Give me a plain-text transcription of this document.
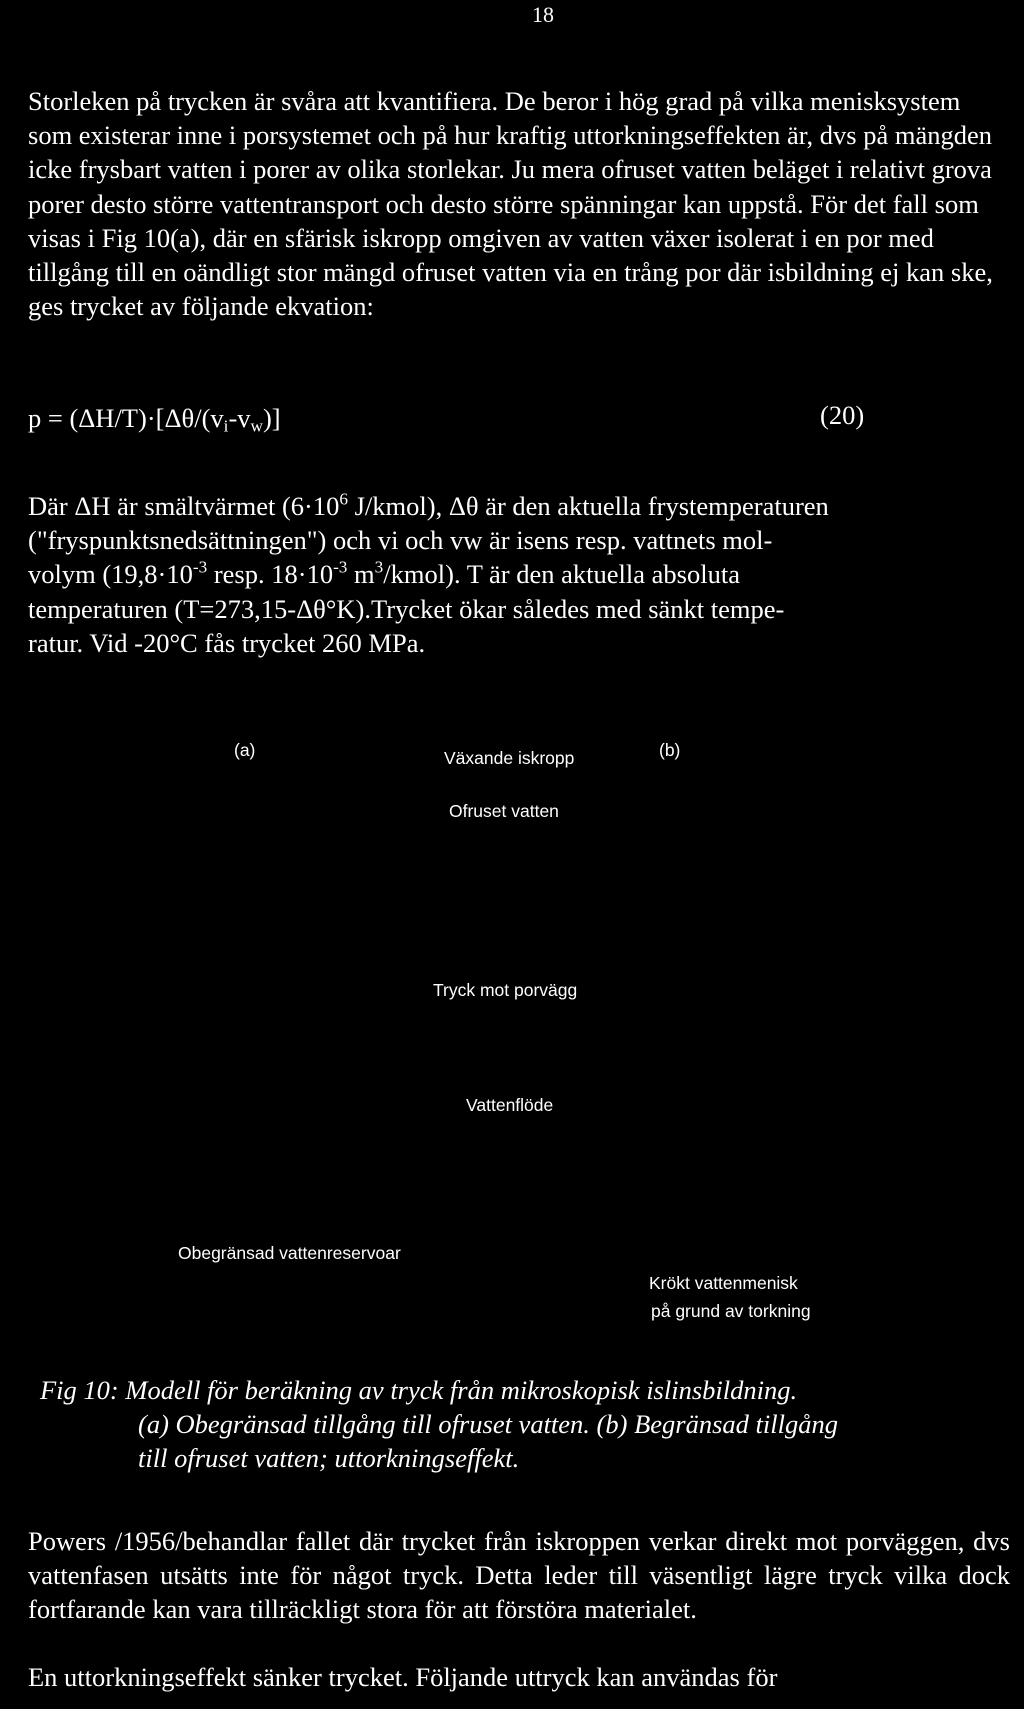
18

Storleken på trycken är svåra att kvantifiera. De beror i hög grad på vilka menisksystem som existerar inne i porsystemet och på hur kraftig uttorkningseffekten är, dvs på mängden icke frysbart vatten i porer av olika storlekar. Ju mera ofruset vatten beläget i relativt grova porer desto större vattentransport och desto större spänningar kan uppstå. För det fall som visas i Fig 10(a), där en sfärisk iskropp omgiven av vatten växer isolerat i en por med tillgång till en oändligt stor mängd ofruset vatten via en trång por där isbildning ej kan ske, ges trycket av följande ekvation:

$p = (\Delta H/T)\cdot[\Delta\theta/(v_i-v_w)]$	(20)

Där ΔH är smältvärmet ($6\cdot 10^6$ J/kmol), Δθ är den aktuella frystemperaturen
("fryspunktsnedsättningen") och vi och vw är isens resp. vattnets mol-
volym ($19,8\cdot 10^{-3}$ resp. $18\cdot 10^{-3}$ $m^3/kmol$). T är den aktuella absoluta
temperaturen (T=273,15-Δθ°K).Trycket ökar således med sänkt tempe-
ratur. Vid -20°C fås trycket 260 MPa.

(a)	Växande iskropp	(b)
Ofruset vatten
Tryck mot porvägg
Vattenflöde
Obegränsad vattenreservoar
Krökt vattenmenisk
på grund av torkning

Fig 10: Modell för beräkning av tryck från mikroskopisk islinsbildning.

(a) Obegränsad tillgång till ofruset vatten. (b) Begränsad tillgång

till ofruset vatten; uttorkningseffekt.

Powers /1956/behandlar fallet där trycket från iskroppen verkar direkt mot porväggen, dvs vattenfasen utsätts inte för något tryck. Detta leder till väsentligt lägre tryck vilka dock fortfarande kan vara tillräckligt stora för att förstöra materialet.

En uttorkningseffekt sänker trycket. Följande uttryck kan användas för
